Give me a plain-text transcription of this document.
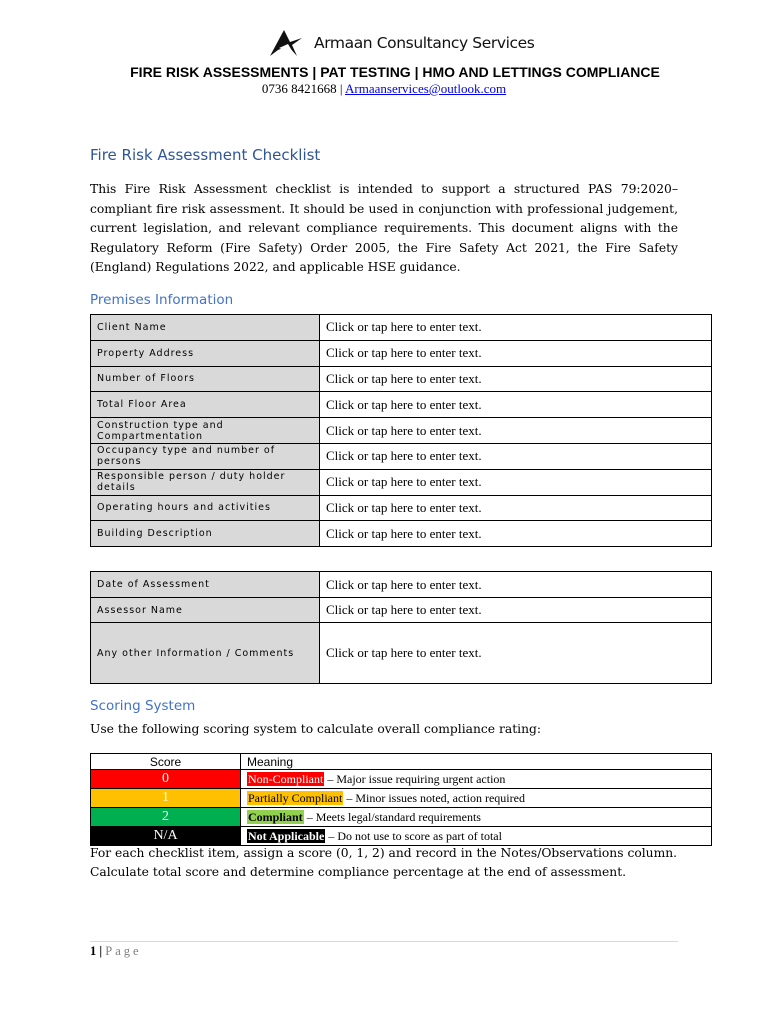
Armaan Consultancy Services
FIRE RISK ASSESSMENTS | PAT TESTING | HMO AND LETTINGS COMPLIANCE
0736 8421668 | Armaanservices@outlook.com
Fire Risk Assessment Checklist

This Fire Risk Assessment checklist is intended to support a structured PAS 79:2020–compliant fire risk assessment. It should be used in conjunction with professional judgement, current legislation, and relevant compliance requirements. This document aligns with the Regulatory Reform (Fire Safety) Order 2005, the Fire Safety Act 2021, the Fire Safety (England) Regulations 2022, and applicable HSE guidance.

Premises Information
Client Name	Click or tap here to enter text.
Property Address	Click or tap here to enter text.
Number of Floors	Click or tap here to enter text.
Total Floor Area	Click or tap here to enter text.
Construction type and Compartmentation	Click or tap here to enter text.
Occupancy type and number of persons	Click or tap here to enter text.
Responsible person / duty holder details	Click or tap here to enter text.
Operating hours and activities	Click or tap here to enter text.
Building Description	Click or tap here to enter text.
Date of Assessment	Click or tap here to enter text.
Assessor Name	Click or tap here to enter text.
Any other Information / Comments	Click or tap here to enter text.
Scoring System

Use the following scoring system to calculate overall compliance rating:

Score	Meaning
0	Non-Compliant – Major issue requiring urgent action
1	Partially Compliant – Minor issues noted, action required
2	Compliant – Meets legal/standard requirements
N/A	Not Applicable – Do not use to score as part of total

For each checklist item, assign a score (0, 1, 2) and record in the Notes/Observations column.
Calculate total score and determine compliance percentage at the end of assessment.

1 | Page
